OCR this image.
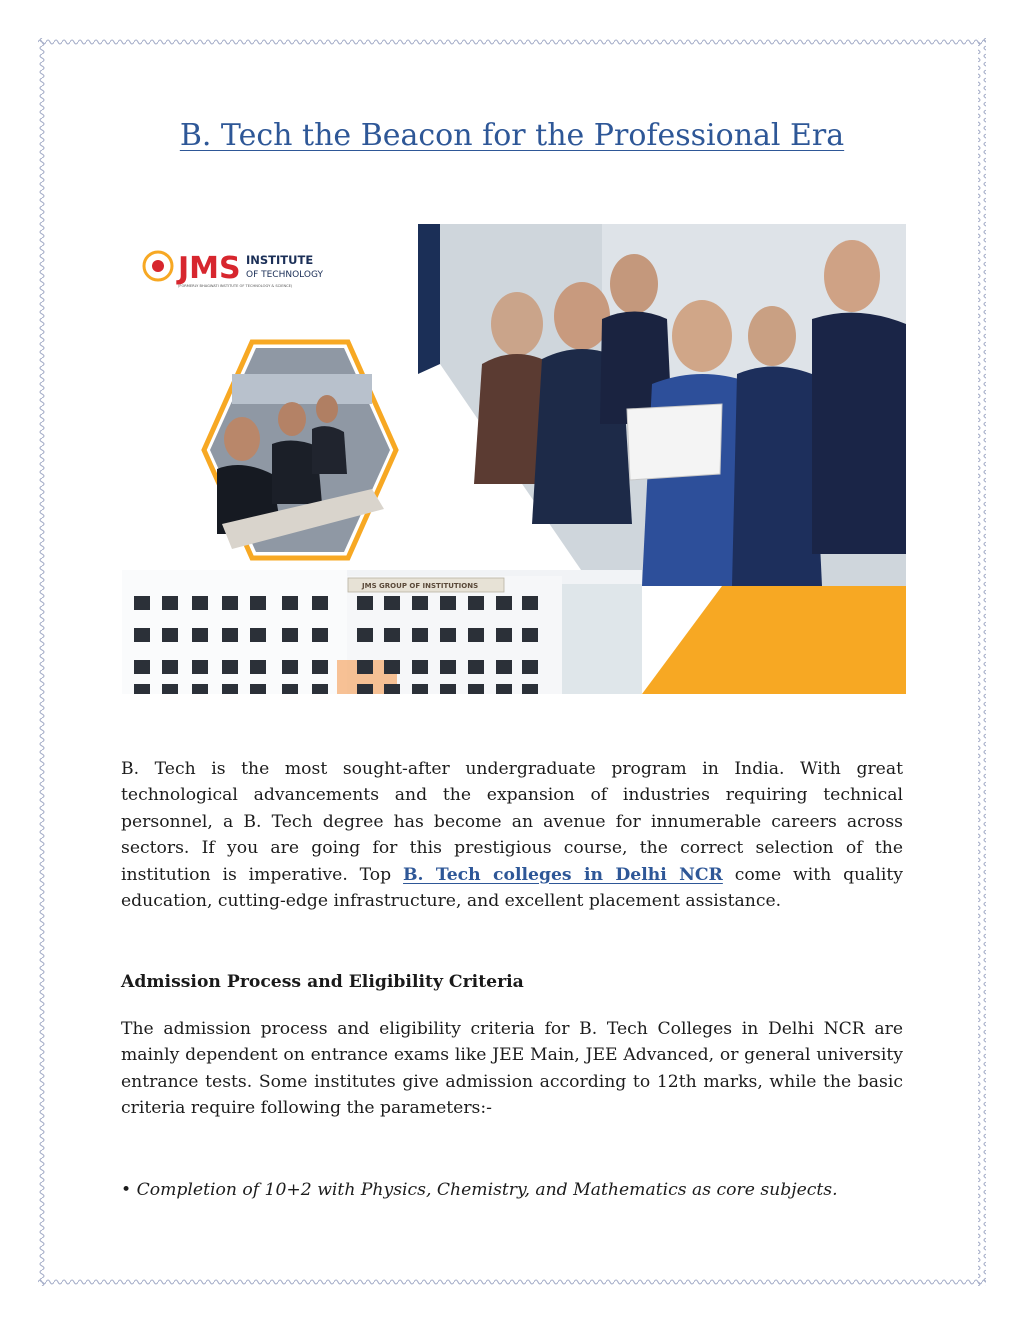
B. Tech the Beacon for the Professional Era
JMS INSTITUTE
OF TECHNOLOGY
(FORMERLY BHAGWATI INSTITUTE OF TECHNOLOGY & SCIENCE)
JMS GROUP OF INSTITUTIONS

B. Tech is the most sought-after undergraduate program in India. With great technological advancements and the expansion of industries requiring technical personnel, a B. Tech degree has become an avenue for innumerable careers across sectors. If you are going for this prestigious course, the correct selection of the institution is imperative. Top B. Tech colleges in Delhi NCR come with quality education, cutting-edge infrastructure, and excellent placement assistance.

Admission Process and Eligibility Criteria

The admission process and eligibility criteria for B. Tech Colleges in Delhi NCR are mainly dependent on entrance exams like JEE Main, JEE Advanced, or general university entrance tests. Some institutes give admission according to 12th marks, while the basic criteria require following the parameters:-

• Completion of 10+2 with Physics, Chemistry, and Mathematics as core subjects.
